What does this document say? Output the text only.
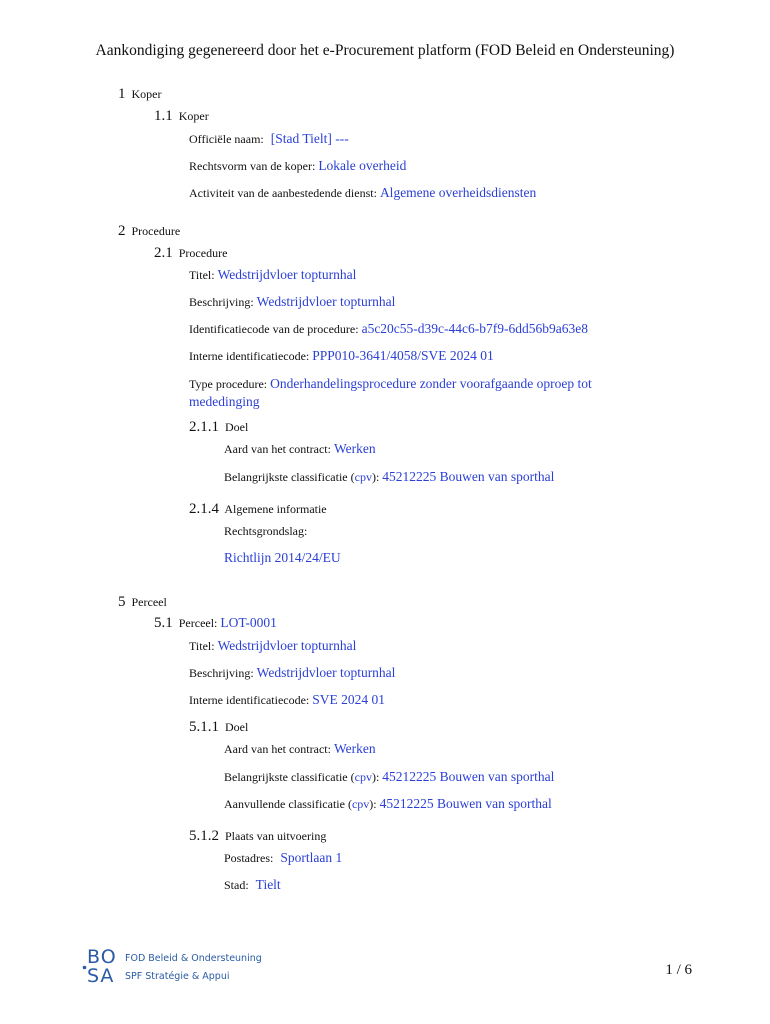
Aankondiging gegenereerd door het e-Procurement platform (FOD Beleid en Ondersteuning)
1 Koper
1.1 Koper
Officiële naam: [Stad Tielt] ---
Rechtsvorm van de koper: Lokale overheid
Activiteit van de aanbestedende dienst: Algemene overheidsdiensten
2 Procedure
2.1 Procedure
Titel: Wedstrijdvloer topturnhal
Beschrijving: Wedstrijdvloer topturnhal
Identificatiecode van de procedure: a5c20c55-d39c-44c6-b7f9-6dd56b9a63e8
Interne identificatiecode: PPP010-3641/4058/SVE 2024 01
Type procedure: Onderhandelingsprocedure zonder voorafgaande oproep tot mededinging
2.1.1 Doel
Aard van het contract: Werken
Belangrijkste classificatie (cpv): 45212225 Bouwen van sporthal
2.1.4 Algemene informatie
Rechtsgrondslag:
Richtlijn 2014/24/EU
5 Perceel
5.1 Perceel: LOT-0001
Titel: Wedstrijdvloer topturnhal
Beschrijving: Wedstrijdvloer topturnhal
Interne identificatiecode: SVE 2024 01
5.1.1 Doel
Aard van het contract: Werken
Belangrijkste classificatie (cpv): 45212225 Bouwen van sporthal
Aanvullende classificatie (cpv): 45212225 Bouwen van sporthal
5.1.2 Plaats van uitvoering
Postadres: Sportlaan 1
Stad: Tielt
BO
SA
FOD Beleid & Ondersteuning
SPF Stratégie & Appui	1 / 6
